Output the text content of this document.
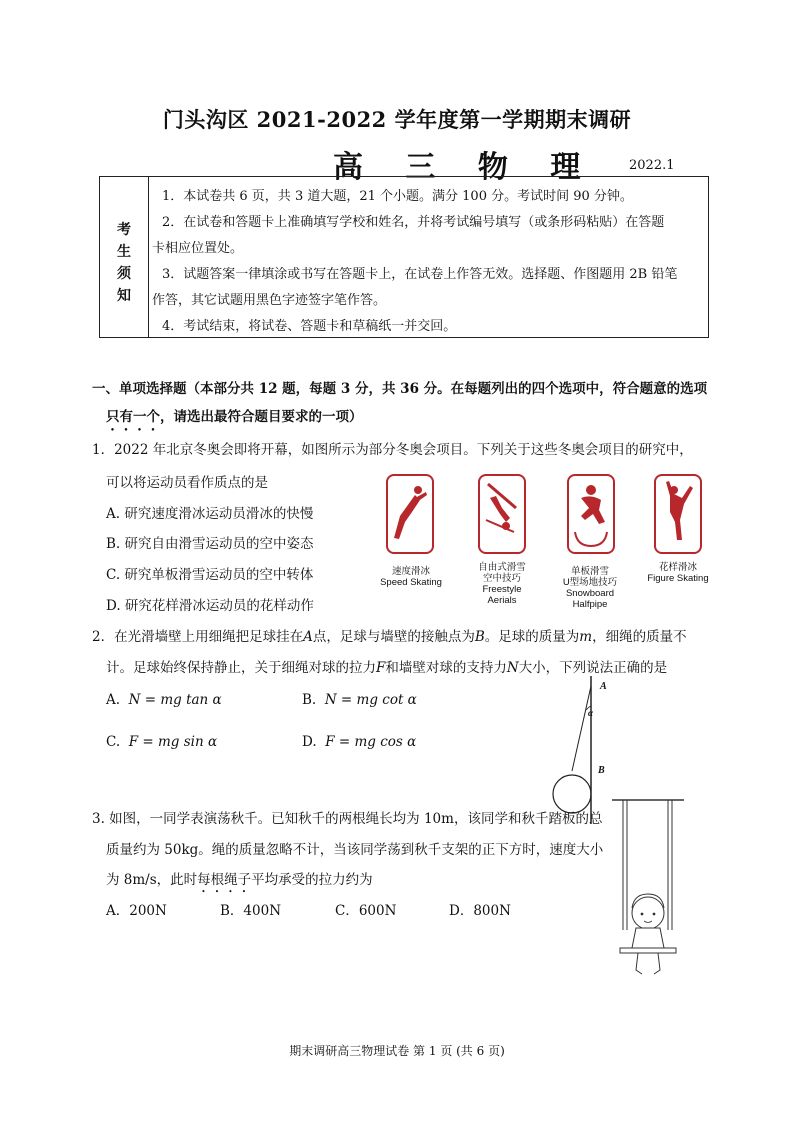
门头沟区 2021-2022 学年度第一学期期末调研
高 三 物 理	2022.1
考
生
须
知
1．本试卷共 6 页，共 3 道大题，21 个小题。满分 100 分。考试时间 90 分钟。
2．在试卷和答题卡上准确填写学校和姓名，并将考试编号填写（或条形码粘贴）在答题
卡相应位置处。
3．试题答案一律填涂或书写在答题卡上，在试卷上作答无效。选择题、作图题用 2B 铅笔
作答，其它试题用黑色字迹签字笔作答。
4．考试结束，将试卷、答题卡和草稿纸一并交回。
一、单项选择题（本部分共 12 题，每题 3 分，共 36 分。在每题列出的四个选项中，符合题意的选项
只有一个，请选出最符合题目要求的一项）
1．2022 年北京冬奥会即将开幕，如图所示为部分冬奥会项目。下列关于这些冬奥会项目的研究中，
可以将运动员看作质点的是
A. 研究速度滑冰运动员滑冰的快慢
B. 研究自由滑雪运动员的空中姿态
C. 研究单板滑雪运动员的空中转体
D. 研究花样滑冰运动员的花样动作
速度滑冰
Speed Skating
自由式滑雪
空中技巧
Freestyle
Aerials
单板滑雪
U型场地技巧
Snowboard
Halfpipe
花样滑冰
Figure Skating
2．在光滑墙壁上用细绳把足球挂在A点，足球与墙壁的接触点为B。足球的质量为m，细绳的质量不
计。足球始终保持静止，关于细绳对球的拉力F和墙壁对球的支持力N大小，下列说法正确的是
A. N = mg tan α	B. N = mg cot α
C. F = mg sin α	D. F = mg cos α
A
α
B
3. 如图，一同学表演荡秋千。已知秋千的两根绳长均为 10m，该同学和秋千踏板的总
质量约为 50kg。绳的质量忽略不计，当该同学荡到秋千支架的正下方时，速度大小
为 8m/s，此时每根绳子平均承受的拉力约为
A．200N	B．400N	C．600N	D．800N
期末调研高三物理试卷 第 1 页 (共 6 页)
